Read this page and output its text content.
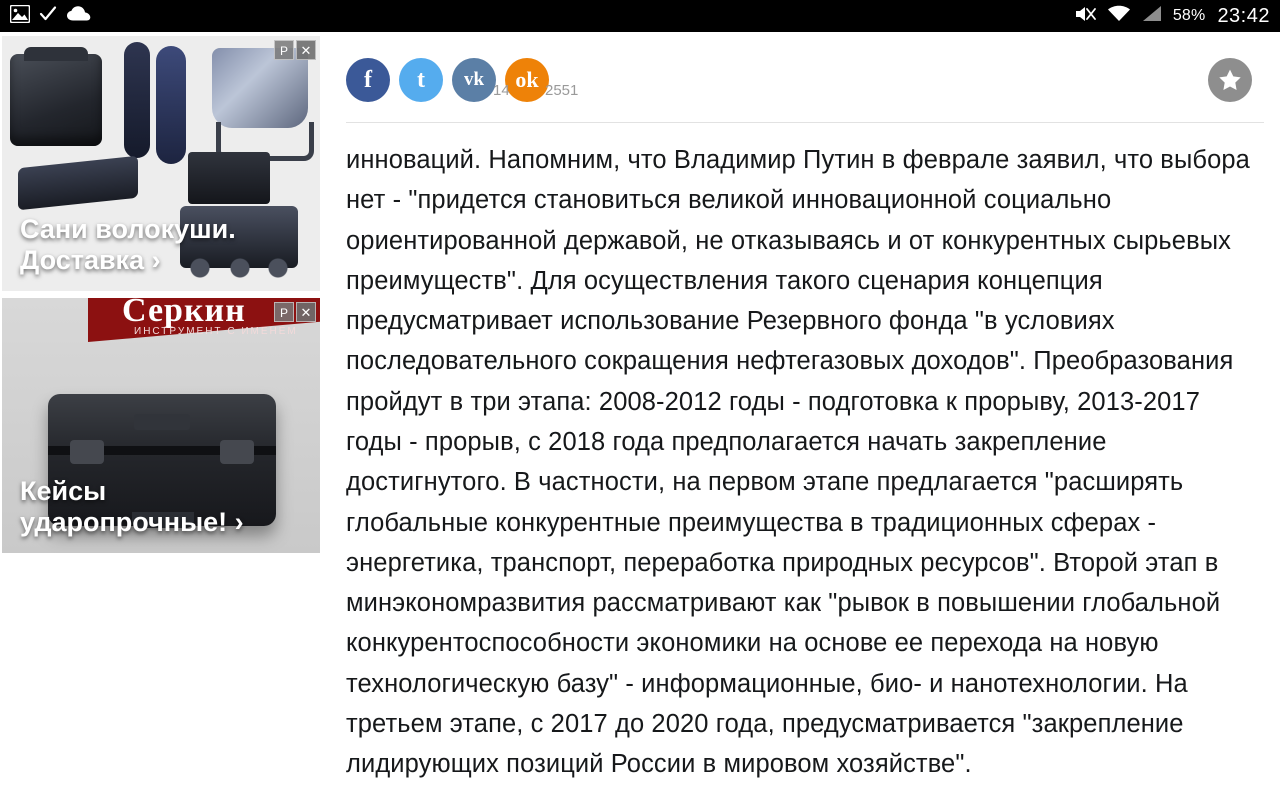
58% 23:42
Сани волокуши. Доставка ›
Р ✕
Серкин
ИНСТРУМЕНТ С ИМЕНЕМ
Кейсы ударопрочные! ›
Р ✕
f	t	vk	ok
14 2551
инноваций. Напомним, что Владимир Путин в феврале заявил, что выбора нет - "придется становиться великой инновационной социально ориентированной державой, не отказываясь и от конкурентных сырьевых преимуществ". Для осуществления такого сценария концепция предусматривает использование Резервного фонда "в условиях последовательного сокращения нефтегазовых доходов". Преобразования пройдут в три этапа: 2008-2012 годы - подготовка к прорыву, 2013-2017 годы - прорыв, с 2018 года предполагается начать закрепление достигнутого. В частности, на первом этапе предлагается "расширять глобальные конкурентные преимущества в традиционных сферах - энергетика, транспорт, переработка природных ресурсов". Второй этап в минэкономразвития рассматривают как "рывок в повышении глобальной конкурентоспособности экономики на основе ее перехода на новую технологическую базу" - информационные, био- и нанотехнологии. На третьем этапе, с 2017 до 2020 года, предусматривается "закрепление лидирующих позиций России в мировом хозяйстве".
